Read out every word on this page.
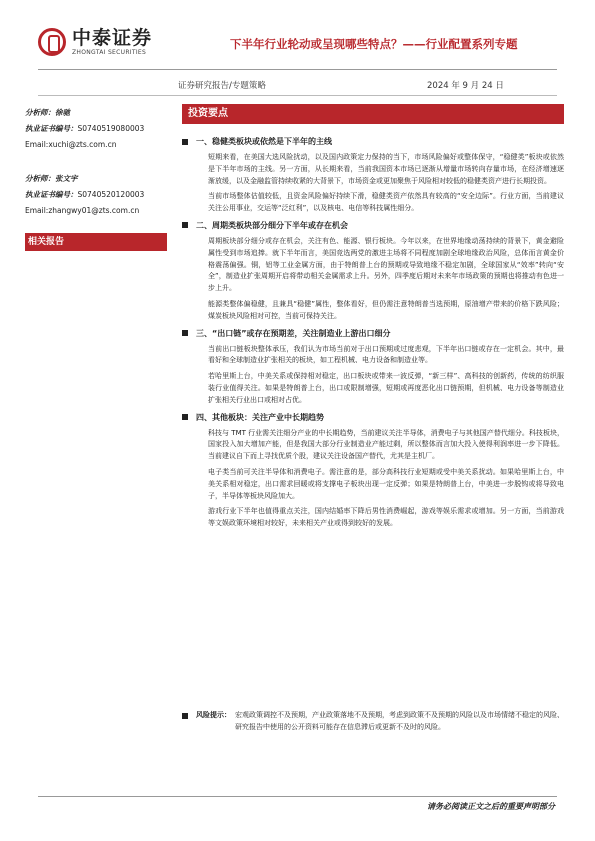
中泰证券
ZHONGTAI SECURITIES
下半年行业轮动或呈现哪些特点？——行业配置系列专题
证券研究报告/专题策略	2024 年 9 月 24 日
分析师：徐驰
执业证书编号：S0740519080003
Email:xuchi@zts.com.cn
分析师：张文宇
执业证书编号：S0740520120003
Email:zhangwy01@zts.com.cn
相关报告
投资要点
一、稳健类板块或依然是下半年的主线

短期来看，在美国大选风险扰动，以及国内政策定力保持的当下，市场风险偏好或整体保守，“稳健类”板块或依然是下半年市场的主线。另一方面，从长期来看，当前我国资本市场已逐渐从增量市场转向存量市场，在经济增速逐渐放缓，以及金融监管持续收紧的大背景下，市场资金或更加聚焦于风险相对较低的稳健类资产进行长期投资。

当前市场整体估值较低，且资金风险偏好持续下滑，稳健类资产依然具有较高的“安全边际”。行业方面，当前建议关注公用事业，交运等“泛红利”，以及核电、电信等科技属性细分。

二、周期类板块部分细分下半年或存在机会

周期板块部分细分或存在机会，关注有色、能源、银行板块。今年以来，在世界地缘动荡持续的背景下，黄金避险属性受到市场追捧。就下半年而言，美国竞选两党的激进主场将不同程度加剧全球地缘政治风险，总体而言黄金价格震荡偏强。铜，铝等工业金属方面，由于特朗普上台的预期或导致地缘不稳定加剧，全球国家从“效率”转向“安全”，制造业扩张周期开启将带动相关金属需求上升。另外，四季度后期对未来年市场政策的预期也将推动有色进一步上升。

能源类整体偏稳健，且兼具“稳健”属性，整体看好，但仍需注意特朗普当选预期，原油增产带来的价格下跌风险；煤炭板块风险相对可控，当前可保持关注。

三、“出口链”或存在预期差，关注制造业上游出口细分

当前出口链板块整体承压，我们认为市场当前对于出口预期或过度悲观，下半年出口链或存在一定机会。其中，最看好和全球制造业扩张相关的板块，如工程机械、电力设备和制造业等。

若哈里斯上台，中美关系或保持相对稳定，出口板块或带来一波反弹，“新三样”、高科技的创新药，传统的纺织服装行业值得关注。如果是特朗普上台，出口或限制增强，短期或再度恶化出口链预期，但机械、电力设备等制造业扩张相关行业出口或相对占优。

四、其他板块：关注产业中长期趋势

科技与 TMT 行业需关注细分产业的中长期趋势，当前建议关注半导体，消费电子与其他国产替代细分。科技板块，国家投入加大增加产能，但是我国大部分行业制造业产能过剩，所以整体而言加大投入使得利润率进一步下降低。当前建议自下而上寻找优质个股，建议关注设备国产替代，尤其是主机厂。

电子类当前可关注半导体和消费电子。需注意的是，部分高科技行业短期或受中美关系扰动。如果哈里斯上台，中美关系相对稳定，出口需求回暖或将支撑电子板块出现一定反弹；如果是特朗普上台，中美进一步脱钩或将导致电子，半导体等板块风险加大。

游戏行业下半年也值得重点关注，国内结婚率下降后男性消费崛起，游戏等娱乐需求或增加。另一方面，当前游戏等文娱政策环境相对较好，未来相关产业或得到较好的发展。

风险提示： 宏观政策调控不及预期，产业政策落地不及预期，考虑到政策不及预期的风险以及市场情绪不稳定的风险、研究报告中使用的公开资料可能存在信息滞后或更新不及时的风险。
请务必阅读正文之后的重要声明部分
